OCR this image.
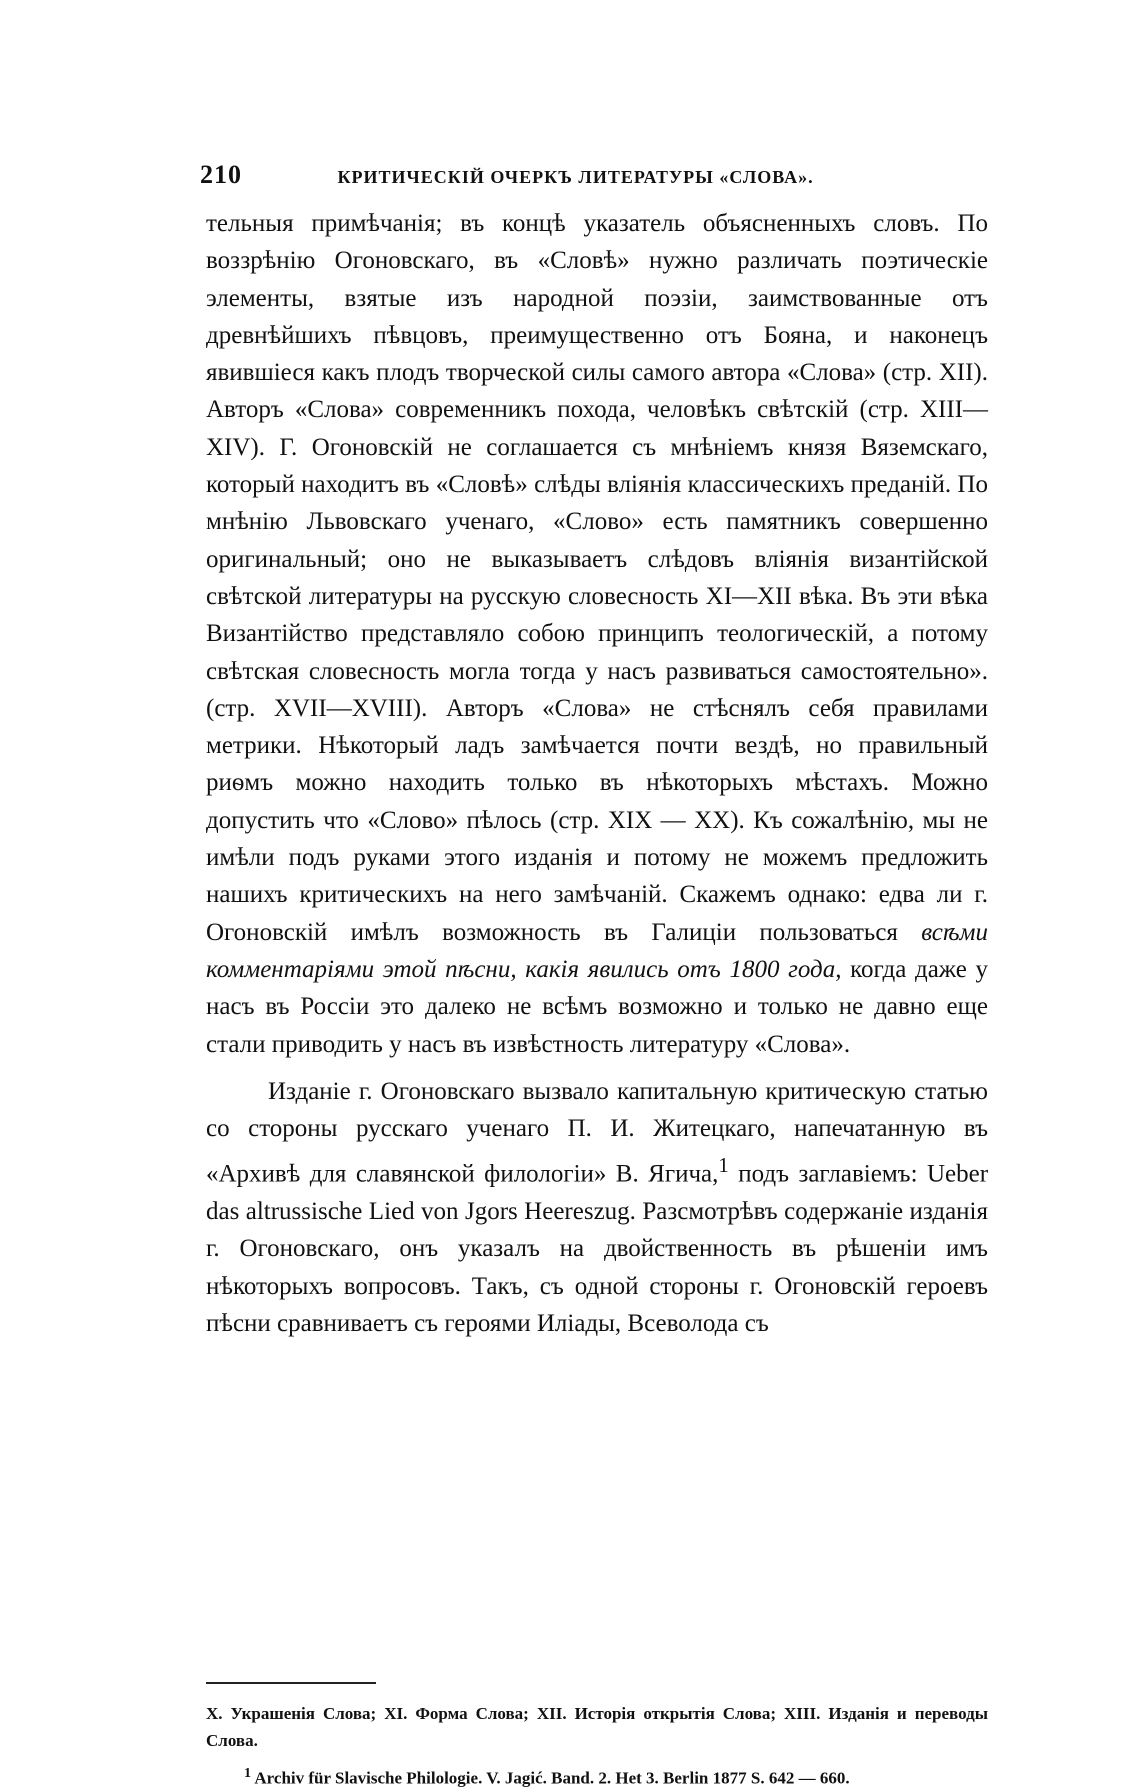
210	КРИТИЧЕСКІЙ ОЧЕРКЪ ЛИТЕРАТУРЫ «СЛОВА».

тельныя примѣчанія; въ концѣ указатель объясненныхъ словъ. По воззрѣнію Огоновскаго, въ «Словѣ» нужно различать поэтическіе элементы, взятые изъ народной поэзіи, заимствованные отъ древнѣйшихъ пѣвцовъ, преимущественно отъ Бояна, и наконецъ явившіеся какъ плодъ творческой силы самого автора «Слова» (стр. XII). Авторъ «Слова» современникъ похода, человѣкъ свѣтскій (стр. XIII—XIV). Г. Огоновскій не соглашается съ мнѣніемъ князя Вяземскаго, который находитъ въ «Словѣ» слѣды вліянія классическихъ преданій. По мнѣнію Львовскаго ученаго, «Слово» есть памятникъ совершенно оригинальный; оно не выказываетъ слѣдовъ вліянія византійской свѣтской литературы на русскую словесность XI—XII вѣка. Въ эти вѣка Византійство представляло собою принципъ теологическій, а потому свѣтская словесность могла тогда у насъ развиваться самостоятельно». (стр. XVII—XVIII). Авторъ «Слова» не стѣснялъ себя правилами метрики. Нѣкоторый ладъ замѣчается почти вездѣ, но правильный риѳмъ можно находить только въ нѣкоторыхъ мѣстахъ. Можно допустить что «Слово» пѣлось (стр. XIX — XX). Къ сожалѣнію, мы не имѣли подъ руками этого изданія и потому не можемъ предложить нашихъ критическихъ на него замѣчаній. Скажемъ однако: едва ли г. Огоновскій имѣлъ возможность въ Галиціи пользоваться всѣми комментаріями этой пѣсни, какія явились отъ 1800 года, когда даже у насъ въ Россіи это далеко не всѣмъ возможно и только не давно еще стали приводить у насъ въ извѣстность литературу «Слова».

Изданіе г. Огоновскаго вызвало капитальную критическую статью со стороны русскаго ученаго П. И. Житецкаго, напечатанную въ «Архивѣ для славянской филологіи» В. Ягича,$^1$ подъ заглавіемъ: Ueber das altrussische Lied von Jgors Heereszug. Разсмотрѣвъ содержаніе изданія г. Огоновскаго, онъ указалъ на двойственность въ рѣшеніи имъ нѣкоторыхъ вопросовъ. Такъ, съ одной стороны г. Огоновскій героевъ пѣсни сравниваетъ съ героями Иліады, Всеволода съ

X. Украшенія Слова; XI. Форма Слова; XII. Исторія открытія Слова; XIII. Изданія и переводы Слова.

$^1$ Archiv für Slavische Philologie. V. Jagić. Band. 2. Het 3. Berlin 1877 S. 642 — 660.
